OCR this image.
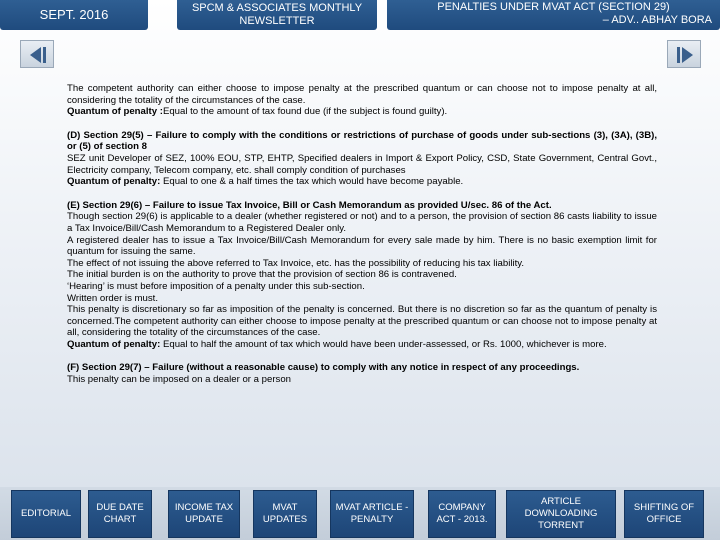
SEPT. 2016	SPCM & ASSOCIATES MONTHLY NEWSLETTER
PENALTIES UNDER MVAT ACT (SECTION 29)
– ADV.. ABHAY BORA

The competent authority can either choose to impose penalty at the prescribed quantum or can choose not to impose penalty at all, considering the totality of the circumstances of the case.

Quantum of penalty :Equal to the amount of tax found due (if the subject is found guilty).

(D) Section 29(5) – Failure to comply with the conditions or restrictions of purchase of goods under sub-sections (3), (3A), (3B), or (5) of section 8

SEZ unit Developer of SEZ, 100% EOU, STP, EHTP, Specified dealers in Import & Export Policy, CSD, State Government, Central Govt., Electricity company, Telecom company, etc. shall comply condition of purchases

Quantum of penalty: Equal to one & a half times the tax which would have become payable.

(E) Section 29(6) – Failure to issue Tax Invoice, Bill or Cash Memorandum as provided U/sec. 86 of the Act.

Though section 29(6) is applicable to a dealer (whether registered or not) and to a person, the provision of section 86 casts liability to issue a Tax Invoice/Bill/Cash Memorandum to a Registered Dealer only.

A registered dealer has to issue a Tax Invoice/Bill/Cash Memorandum for every sale made by him. There is no basic exemption limit for quantum for issuing the same.

The effect of not issuing the above referred to Tax Invoice, etc. has the possibility of reducing his tax liability.

The initial burden is on the authority to prove that the provision of section 86 is contravened.

‘Hearing’ is must before imposition of a penalty under this sub-section.

Written order is must.

This penalty is discretionary so far as imposition of the penalty is concerned. But there is no discretion so far as the quantum of penalty is concerned.The competent authority can either choose to impose penalty at the prescribed quantum or can choose not to impose penalty at all, considering the totality of the circumstances of the case.

Quantum of penalty: Equal to half the amount of tax which would have been under-assessed, or Rs. 1000, whichever is more.

(F) Section 29(7) – Failure (without a reasonable cause) to comply with any notice in respect of any proceedings.

This penalty can be imposed on a dealer or a person

EDITORIAL
DUE DATE CHART
INCOME TAX UPDATE
MVAT UPDATES
MVAT ARTICLE - PENALTY
COMPANY ACT - 2013.
ARTICLE DOWNLOADING TORRENT
SHIFTING OF OFFICE
